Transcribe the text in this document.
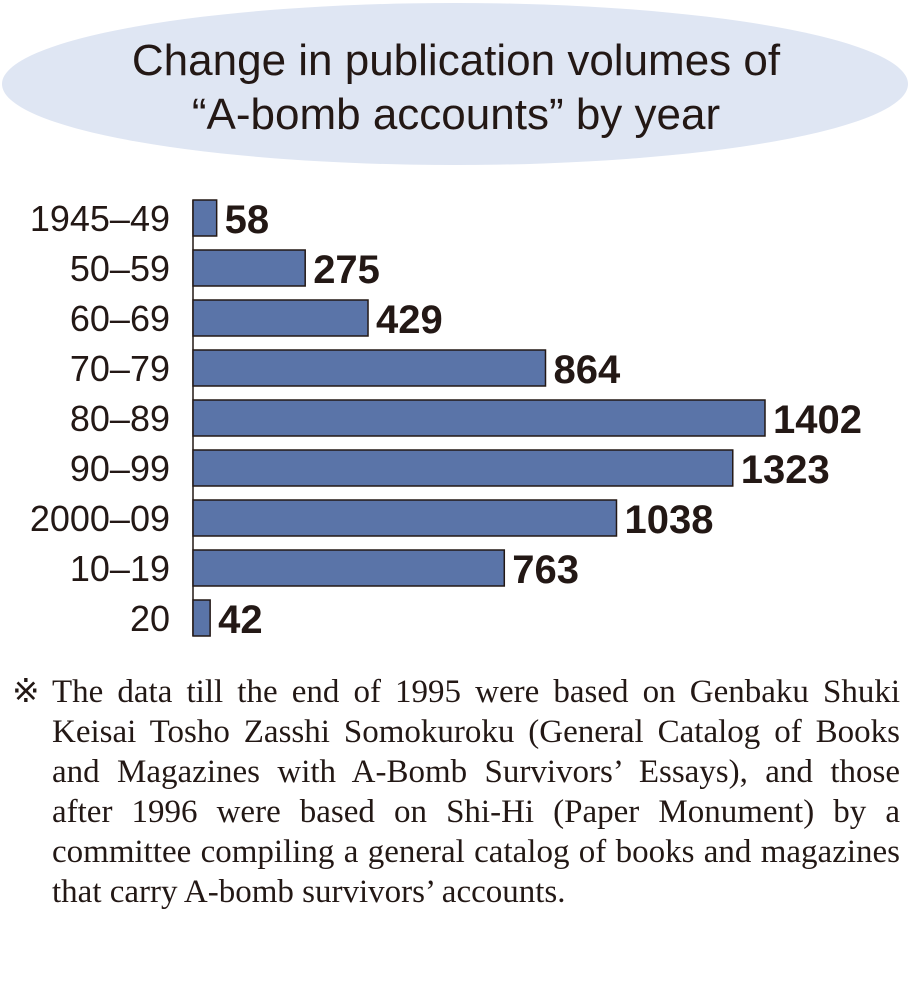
Change in publication volumes of
“A-bomb accounts” by year
1945–49
50–59
60–69
70–79
80–89
90–99
2000–09
10–19
20
58
275
429
864
1402
1323
1038
763
42
※ The data till the end of 1995 were based on Genbaku Shuki Keisai Tosho Zasshi Somokuroku (General Catalog of Books and Magazines with A-Bomb Survivors’ Essays), and those after 1996 were based on Shi-Hi (Paper Monument) by a committee compiling a general catalog of books and magazines that carry A-bomb survivors’ accounts.
